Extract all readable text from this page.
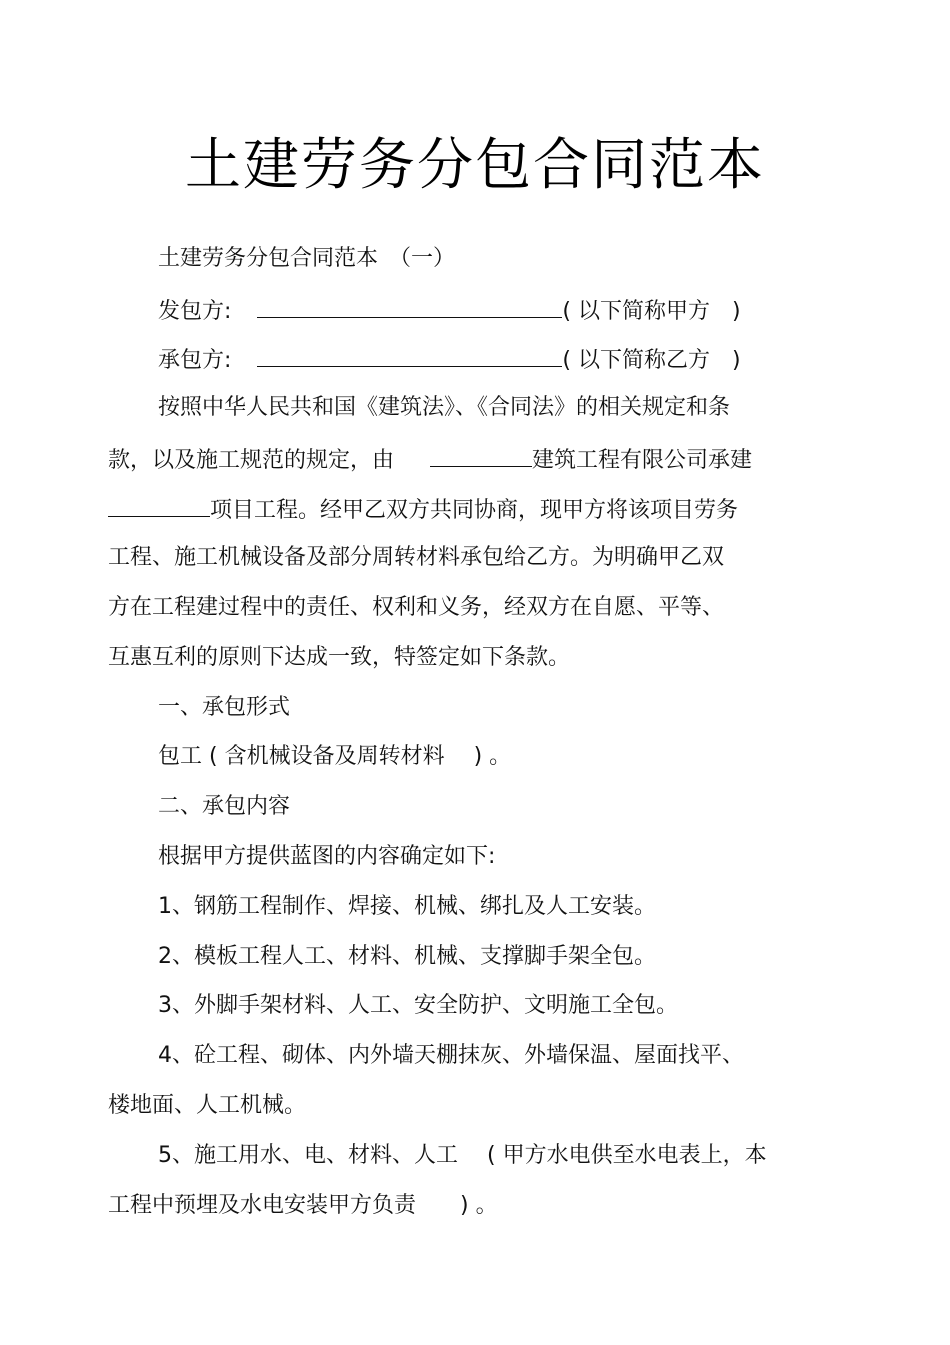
土建劳务分包合同范本
土建劳务分包合同范本　（一）
发包方:	( 以下简称甲方　)
承包方:	( 以下简称乙方　)
按照中华人民共和国《建筑法》、《合同法》的相关规定和条
款，以及施工规范的规定，由	建筑工程有限公司承建
项目工程。经甲乙双方共同协商，现甲方将该项目劳务
工程、施工机械设备及部分周转材料承包给乙方。为明确甲乙双
方在工程建过程中的责任、权利和义务，经双方在自愿、平等、
互惠互利的原则下达成一致，特签定如下条款。
一、承包形式
包工 ( 含机械设备及周转材料　 ) 。
二、承包内容
根据甲方提供蓝图的内容确定如下:
1、钢筋工程制作、焊接、机械、绑扎及人工安装。
2、模板工程人工、材料、机械、支撑脚手架全包。
3、外脚手架材料、人工、安全防护、文明施工全包。
4、砼工程、砌体、内外墙天棚抹灰、外墙保温、屋面找平、
楼地面、人工机械。
5、施工用水、电、材料、人工　 ( 甲方水电供至水电表上，本
工程中预埋及水电安装甲方负责　　) 。
